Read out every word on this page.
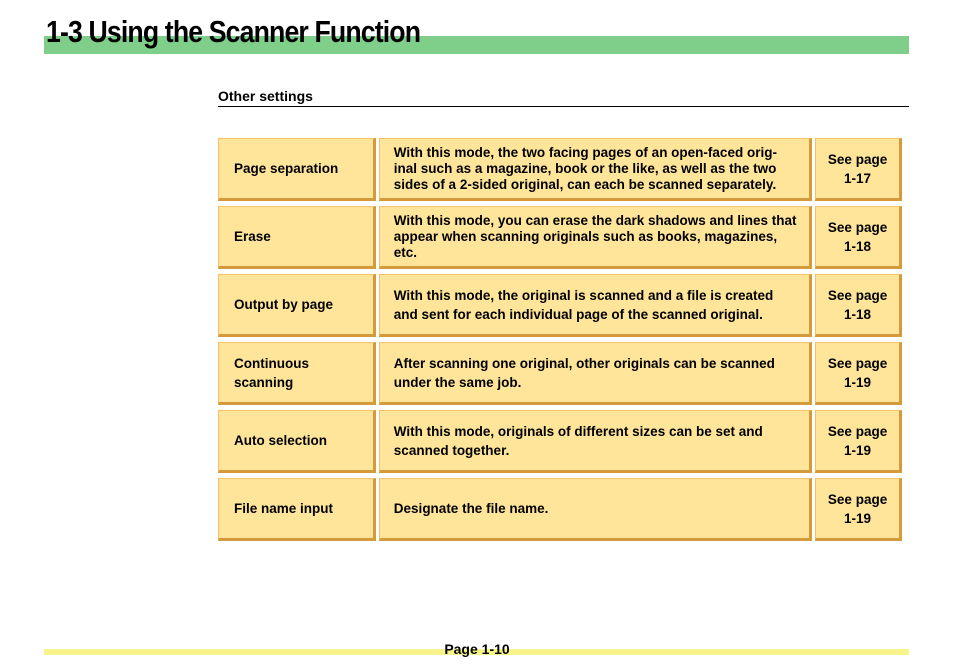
1-3 Using the Scanner Function
Other settings
Page separation
With this mode, the two facing pages of an open-faced orig- inal such as a magazine, book or the like, as well as the two sides of a 2-sided original, can each be scanned separately.
See page
1-17
Erase
With this mode, you can erase the dark shadows and lines that appear when scanning originals such as books, magazines, etc.
See page
1-18
Output by page
With this mode, the original is scanned and a file is created and sent for each individual page of the scanned original.
See page
1-18
Continuous scanning
After scanning one original, other originals can be scanned under the same job.
See page
1-19
Auto selection
With this mode, originals of different sizes can be set and scanned together.
See page
1-19
File name input	Designate the file name.
See page
1-19
Page 1-10
